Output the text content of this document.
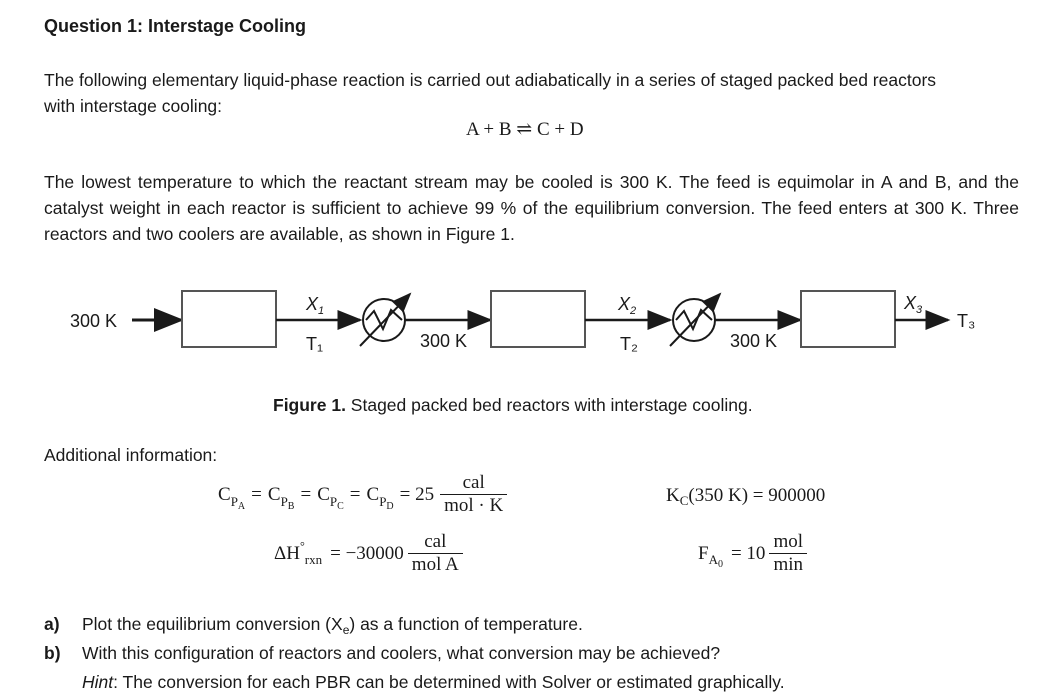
Question 1: Interstage Cooling
The following elementary liquid-phase reaction is carried out adiabatically in a series of staged packed bed reactors
with interstage cooling:
A + B ⇌ C + D
The lowest temperature to which the reactant stream may be cooled is 300 K. The feed is equimolar in A and B, and the catalyst weight in each reactor is sufficient to achieve 99 % of the equilibrium conversion. The feed enters at 300 K. Three reactors and two coolers are available, as shown in Figure 1.
300 K
$X_1$
T₁	300 K
$X_2$
T₂	300 K
$X_3$
T₃
Figure 1. Staged packed bed reactors with interstage cooling.
Additional information:
$C_{P_A}$
= $C_{P_B}$
= $C_{P_C}$
= $C_{P_D}$
= $25 \frac{\text{cal}}{\text{mol · K}}$	$K_C(350$ K) = 900000
ΔH °
rxn = $-30000 \frac{\text{cal}}{\text{mol A}}$	F $A_0$
= $10 \frac{\text{mol}}{\min}$
a)	Plot the equilibrium conversion $(X_e)$ as a function of temperature.
b)	With this configuration of reactors and coolers, what conversion may be achieved?
Hint: The conversion for each PBR can be determined with Solver or estimated graphically.
